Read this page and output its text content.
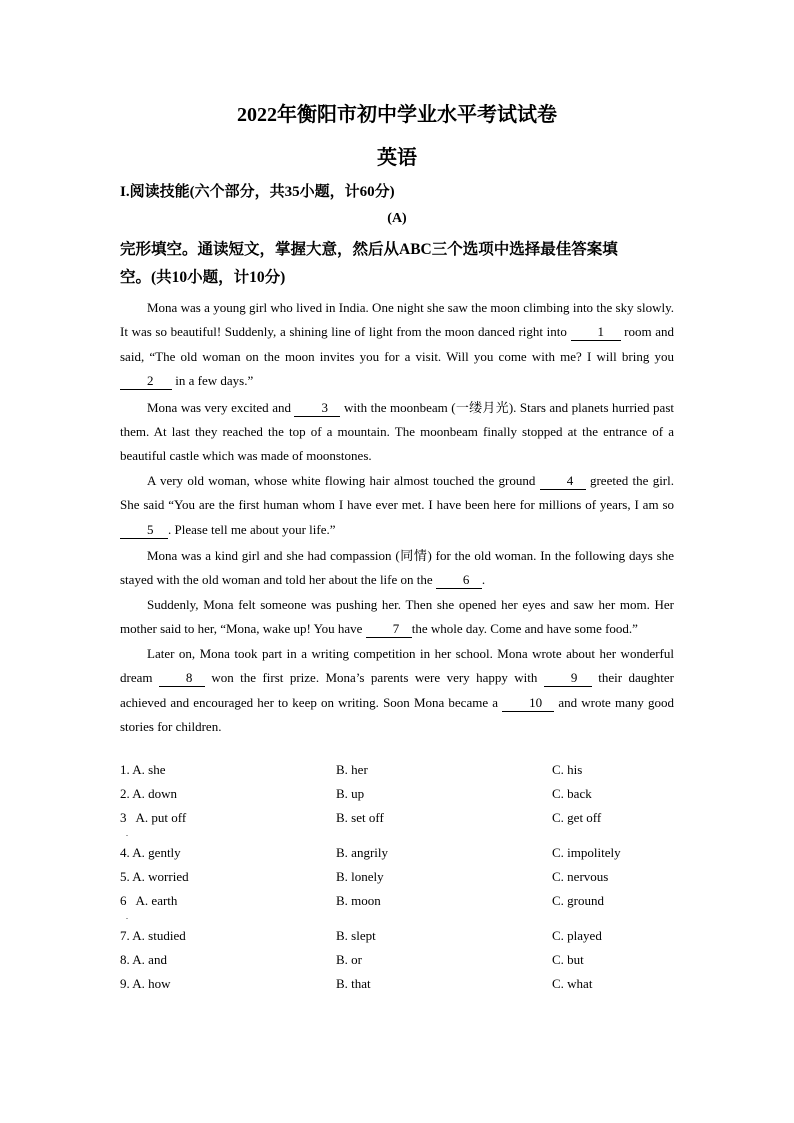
2022年衡阳市初中学业水平考试试卷
英语
I.阅读技能(六个部分，共35小题，计60分)
(A)
完形填空。通读短文，掌握大意，然后从ABC三个选项中选择最佳答案填
空。(共10小题，计10分)

Mona was a young girl who lived in India. One night she saw the moon climbing into the sky slowly. It was so beautiful! Suddenly, a shining line of light from the moon danced right into 1 room and said, “The old woman on the moon invites you for a visit. Will you come with me? I will bring you 2 in a few days.”

Mona was very excited and 3 with the moonbeam (一缕月光). Stars and planets hurried past them. At last they reached the top of a mountain. The moonbeam finally stopped at the entrance of a beautiful castle which was made of moonstones.

A very old woman, whose white flowing hair almost touched the ground 4 greeted the girl. She said “You are the first human whom I have ever met. I have been here for millions of years, I am so 5 . Please tell me about your life.”

Mona was a kind girl and she had compassion (同情) for the old woman. In the following days she stayed with the old woman and told her about the life on the 6 .

Suddenly, Mona felt someone was pushing her. Then she opened her eyes and saw her mom. Her mother said to her, “Mona, wake up! You have 7 the whole day. Come and have some food.”

Later on, Mona took part in a writing competition in her school. Mona wrote about her wonderful dream 8 won the first prize. Mona’s parents were very happy with 9 their daughter achieved and encouraged her to keep on writing. Soon Mona became a 10 and wrote many good stories for children.

1. A. she	B. her	C. his
2. A. down	B. up	C. back
3   A. put off	B. set off	C. get off
.
4. A. gently	B. angrily	C. impolitely
5. A. worried	B. lonely	C. nervous
6   A. earth	B. moon	C. ground
.
7. A. studied	B. slept	C. played
8. A. and	B. or	C. but
9. A. how	B. that	C. what
